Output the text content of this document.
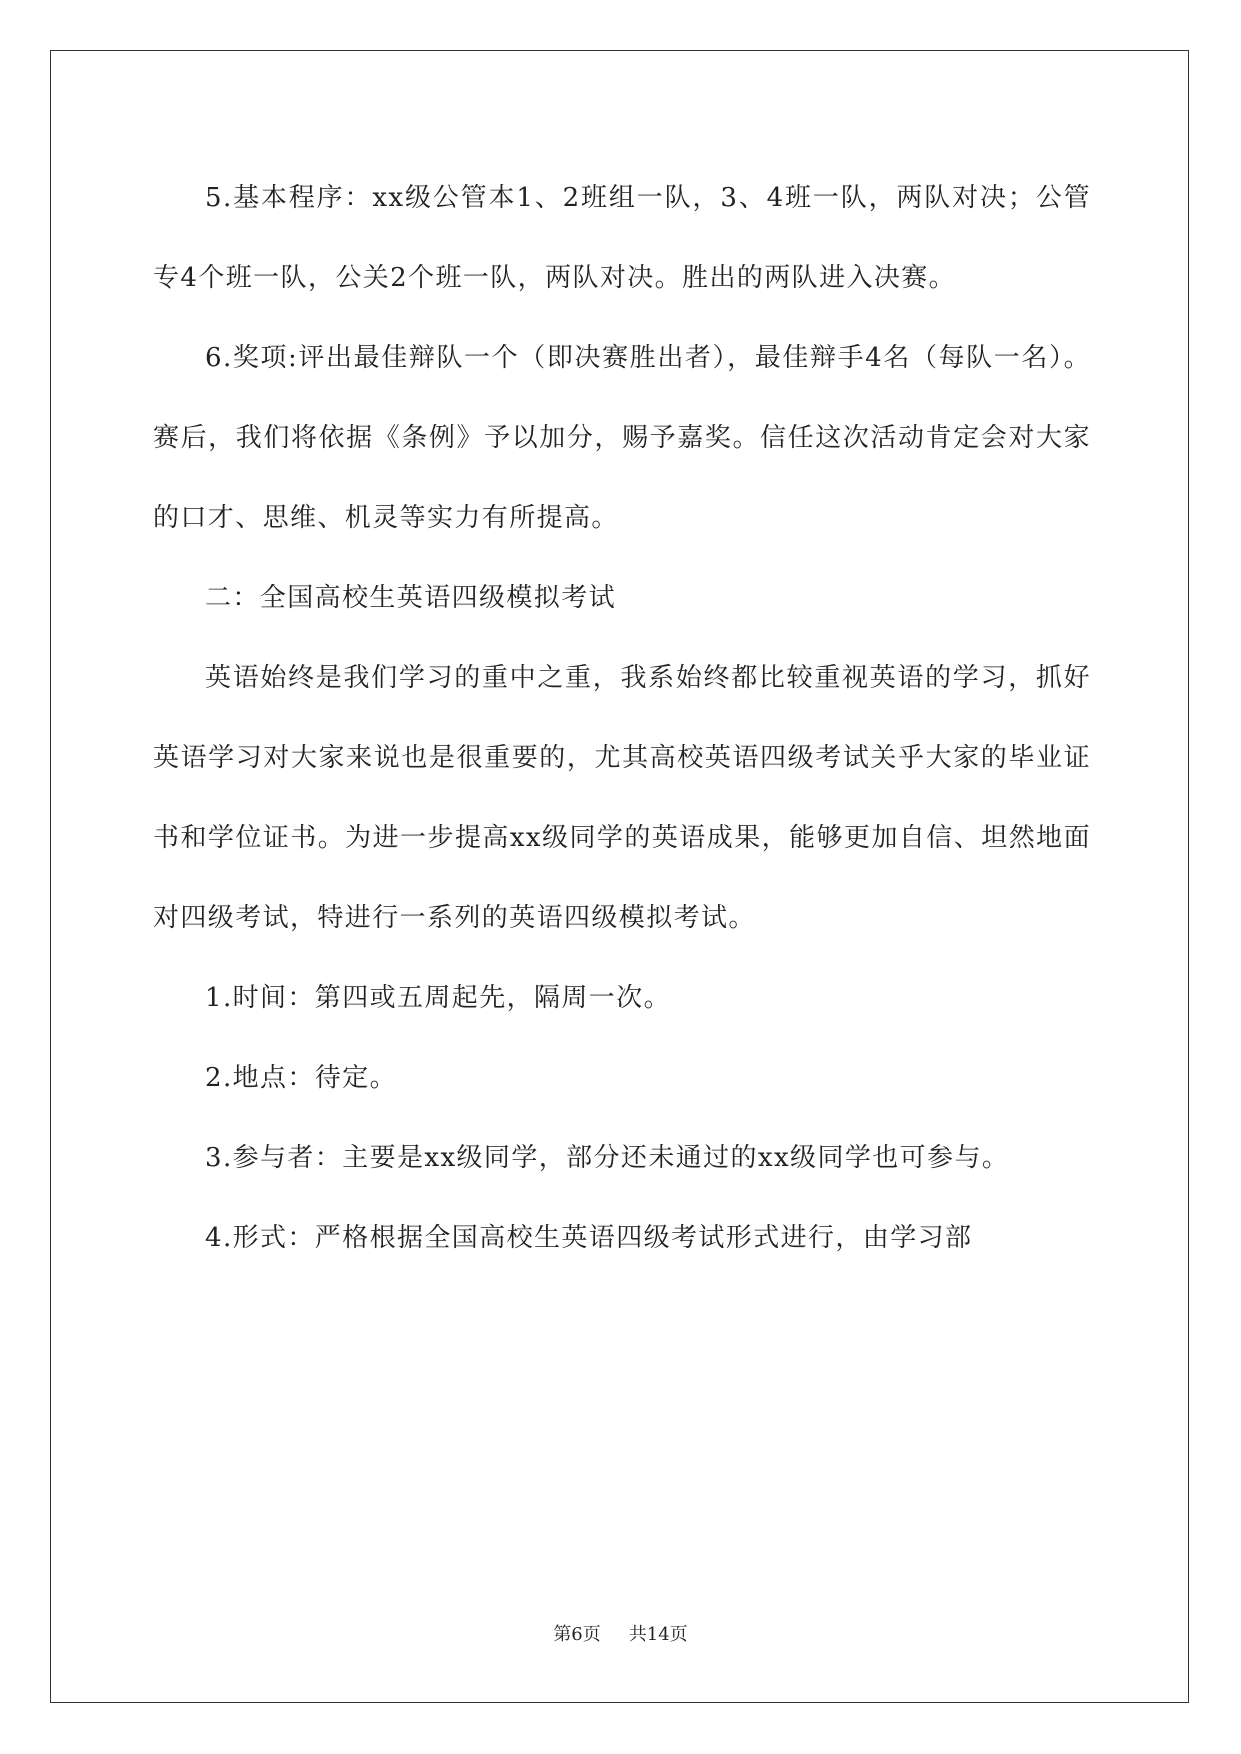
5.基本程序：xx级公管本1、2班组一队，3、4班一队，两队对决；公管专4个班一队，公关2个班一队，两队对决。胜出的两队进入决赛。

6.奖项:评出最佳辩队一个（即决赛胜出者），最佳辩手4名（每队一名）。赛后，我们将依据《条例》予以加分，赐予嘉奖。信任这次活动肯定会对大家的口才、思维、机灵等实力有所提高。

二：全国高校生英语四级模拟考试

英语始终是我们学习的重中之重，我系始终都比较重视英语的学习，抓好英语学习对大家来说也是很重要的，尤其高校英语四级考试关乎大家的毕业证书和学位证书。为进一步提高xx级同学的英语成果，能够更加自信、坦然地面对四级考试，特进行一系列的英语四级模拟考试。

1.时间：第四或五周起先，隔周一次。

2.地点：待定。

3.参与者：主要是xx级同学，部分还未通过的xx级同学也可参与。

4.形式：严格根据全国高校生英语四级考试形式进行，由学习部

第6页 共14页
